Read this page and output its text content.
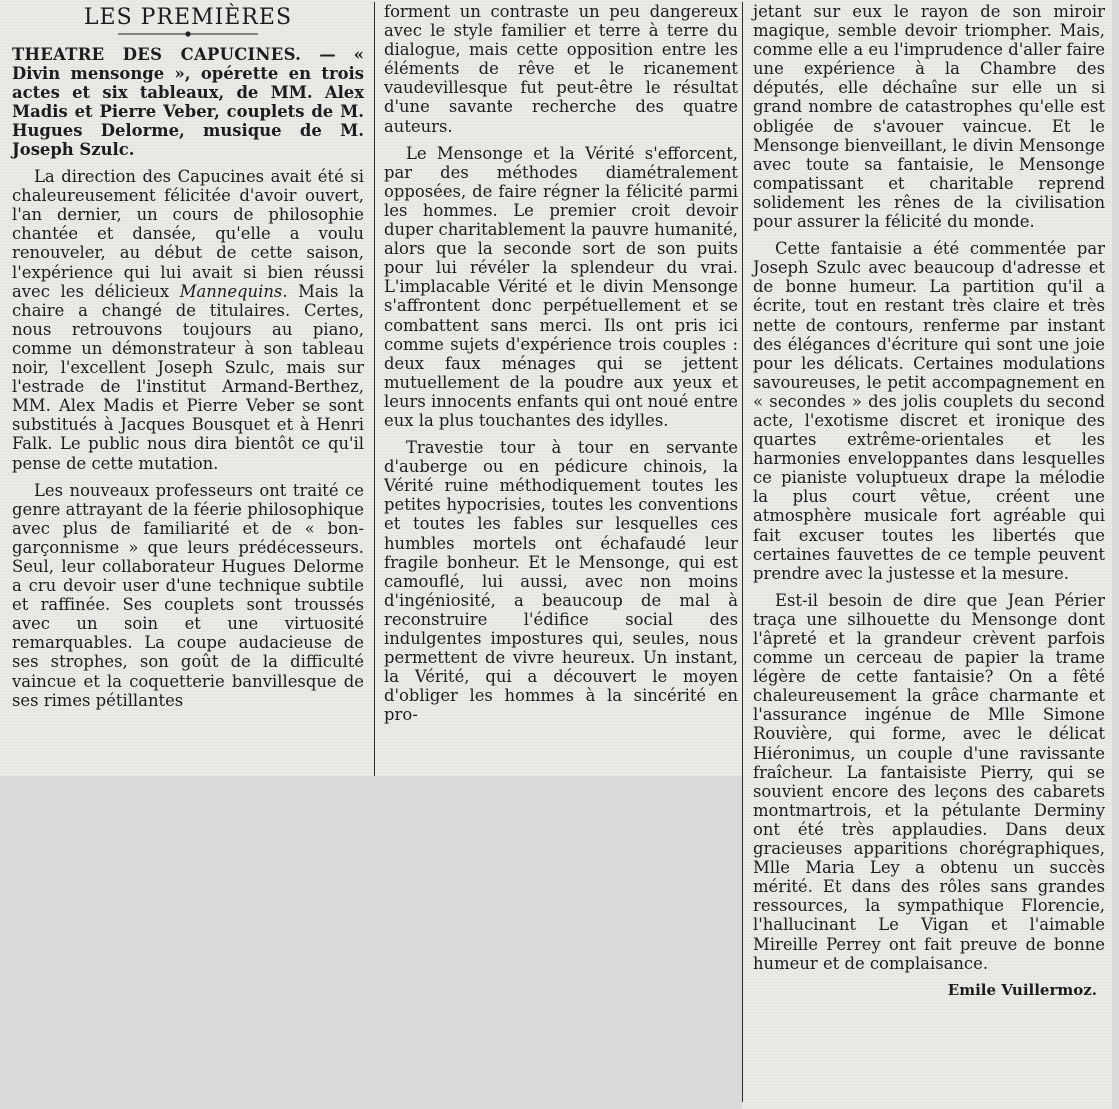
LES PREMIÈRES

THEATRE DES CAPUCINES. — « Divin mensonge », opérette en trois actes et six tableaux, de MM. Alex Madis et Pierre Veber, couplets de M. Hugues Delorme, musique de M. Joseph Szulc.

La direction des Capucines avait été si chaleureusement félicitée d'avoir ouvert, l'an dernier, un cours de philosophie chantée et dansée, qu'elle a voulu renouveler, au début de cette saison, l'expérience qui lui avait si bien réussi avec les délicieux Mannequins. Mais la chaire a changé de titulaires. Certes, nous retrouvons toujours au piano, comme un démonstrateur à son tableau noir, l'excellent Joseph Szulc, mais sur l'estrade de l'institut Armand-Berthez, MM. Alex Madis et Pierre Veber se sont substitués à Jacques Bousquet et à Henri Falk. Le public nous dira bientôt ce qu'il pense de cette mutation.

Les nouveaux professeurs ont traité ce genre attrayant de la féerie philosophique avec plus de familiarité et de « bon-garçonnisme » que leurs prédécesseurs. Seul, leur collaborateur Hugues Delorme a cru devoir user d'une technique subtile et raffinée. Ses couplets sont troussés avec un soin et une virtuosité remarquables. La coupe audacieuse de ses strophes, son goût de la difficulté vaincue et la coquetterie banvillesque de ses rimes pétillantes

forment un contraste un peu dangereux avec le style familier et terre à terre du dialogue, mais cette opposition entre les éléments de rêve et le ricanement vaudevillesque fut peut-être le résultat d'une savante recherche des quatre auteurs.

Le Mensonge et la Vérité s'efforcent, par des méthodes diamétralement opposées, de faire régner la félicité parmi les hommes. Le premier croit devoir duper charitablement la pauvre humanité, alors que la seconde sort de son puits pour lui révéler la splendeur du vrai. L'implacable Vérité et le divin Mensonge s'affrontent donc perpétuellement et se combattent sans merci. Ils ont pris ici comme sujets d'expérience trois couples : deux faux ménages qui se jettent mutuellement de la poudre aux yeux et leurs innocents enfants qui ont noué entre eux la plus touchantes des idylles.

Travestie tour à tour en servante d'auberge ou en pédicure chinois, la Vérité ruine méthodiquement toutes les petites hypocrisies, toutes les conventions et toutes les fables sur lesquelles ces humbles mortels ont échafaudé leur fragile bonheur. Et le Mensonge, qui est camouflé, lui aussi, avec non moins d'ingéniosité, a beaucoup de mal à reconstruire l'édifice social des indulgentes impostures qui, seules, nous permettent de vivre heureux. Un instant, la Vérité, qui a découvert le moyen d'obliger les hommes à la sincérité en pro-

jetant sur eux le rayon de son miroir magique, semble devoir triompher. Mais, comme elle a eu l'imprudence d'aller faire une expérience à la Chambre des députés, elle déchaîne sur elle un si grand nombre de catastrophes qu'elle est obligée de s'avouer vaincue. Et le Mensonge bienveillant, le divin Mensonge avec toute sa fantaisie, le Mensonge compatissant et charitable reprend solidement les rênes de la civilisation pour assurer la félicité du monde.

Cette fantaisie a été commentée par Joseph Szulc avec beaucoup d'adresse et de bonne humeur. La partition qu'il a écrite, tout en restant très claire et très nette de contours, renferme par instant des élégances d'écriture qui sont une joie pour les délicats. Certaines modulations savoureuses, le petit accompagnement en « secondes » des jolis couplets du second acte, l'exotisme discret et ironique des quartes extrême-orientales et les harmonies enveloppantes dans lesquelles ce pianiste voluptueux drape la mélodie la plus court vêtue, créent une atmosphère musicale fort agréable qui fait excuser toutes les libertés que certaines fauvettes de ce temple peuvent prendre avec la justesse et la mesure.

Est-il besoin de dire que Jean Périer traça une silhouette du Mensonge dont l'âpreté et la grandeur crèvent parfois comme un cerceau de papier la trame légère de cette fantaisie? On a fêté chaleureusement la grâce charmante et l'assurance ingénue de Mlle Simone Rouvière, qui forme, avec le délicat Hiéronimus, un couple d'une ravissante fraîcheur. La fantaisiste Pierry, qui se souvient encore des leçons des cabarets montmartrois, et la pétulante Derminy ont été très applaudies. Dans deux gracieuses apparitions chorégraphiques, Mlle Maria Ley a obtenu un succès mérité. Et dans des rôles sans grandes ressources, la sympathique Florencie, l'hallucinant Le Vigan et l'aimable Mireille Perrey ont fait preuve de bonne humeur et de complaisance.

Emile Vuillermoz.
